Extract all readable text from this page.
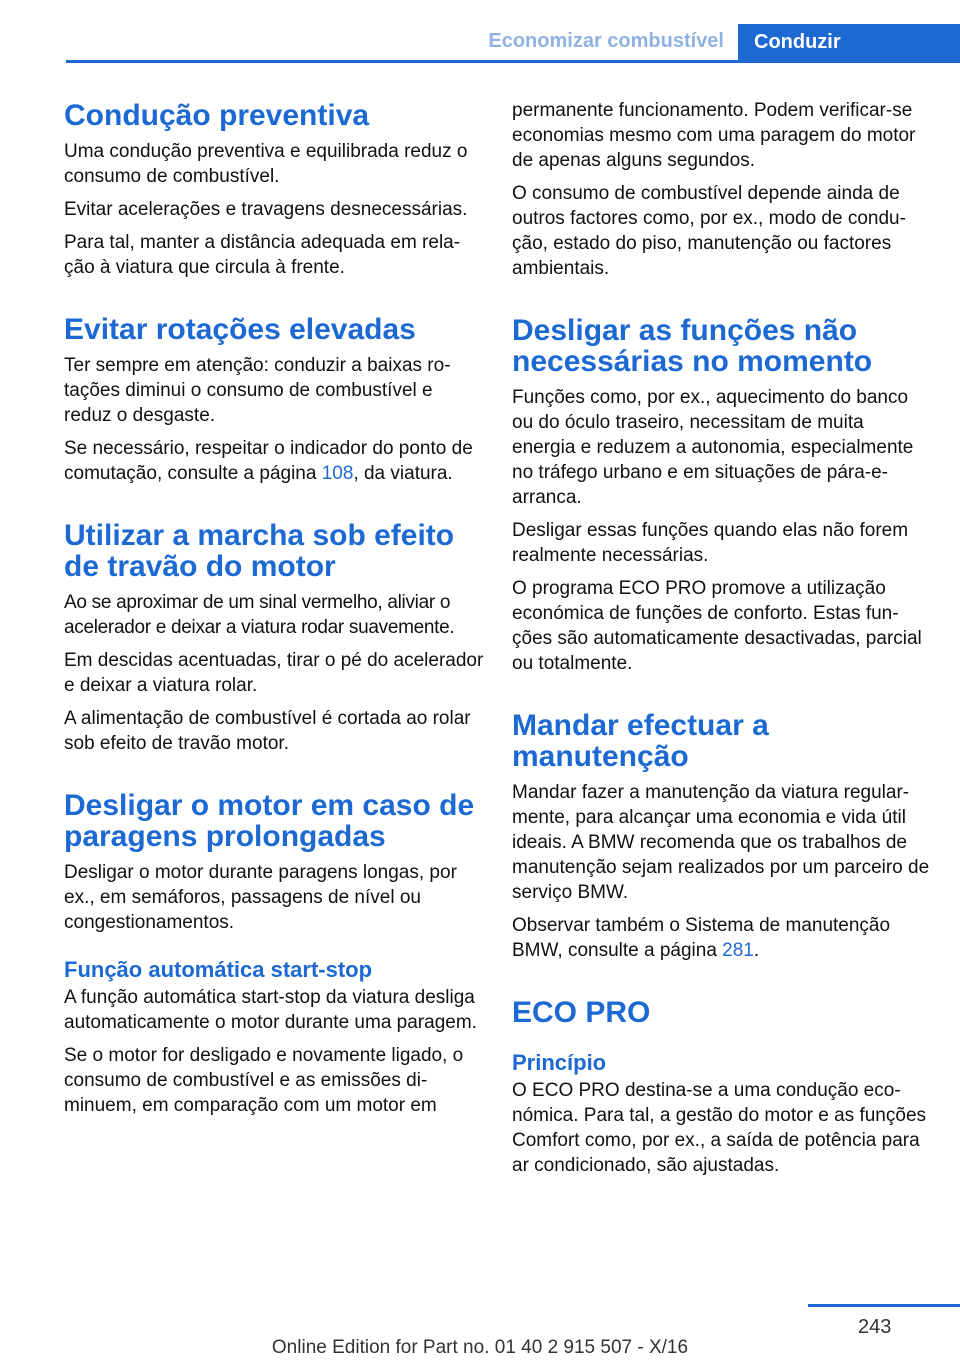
Economizar combustível Conduzir
Condução preventiva

Uma condução preventiva e equilibrada reduz o consumo de combustível.

Evitar acelerações e travagens desnecessárias.

Para tal, manter a distância adequada em relação à viatura que circula à frente.

Evitar rotações elevadas

Ter sempre em atenção: conduzir a baixas rotações diminui o consumo de combustível e reduz o desgaste.

Se necessário, respeitar o indicador do ponto de comutação, consulte a página 108, da viatura.

Utilizar a marcha sob efeito de travão do motor

Ao se aproximar de um sinal vermelho, aliviar o acelerador e deixar a viatura rodar suavemente.

Em descidas acentuadas, tirar o pé do acelerador e deixar a viatura rolar.

A alimentação de combustível é cortada ao rolar sob efeito de travão motor.

Desligar o motor em caso de paragens prolongadas

Desligar o motor durante paragens longas, por ex., em semáforos, passagens de nível ou congestionamentos.

Função automática start-stop

A função automática start-stop da viatura desliga automaticamente o motor durante uma paragem.

Se o motor for desligado e novamente ligado, o consumo de combustível e as emissões diminuem, em comparação com um motor em

permanente funcionamento. Podem verificar-se economias mesmo com uma paragem do motor de apenas alguns segundos.

O consumo de combustível depende ainda de outros factores como, por ex., modo de condução, estado do piso, manutenção ou factores ambientais.

Desligar as funções não necessárias no momento

Funções como, por ex., aquecimento do banco ou do óculo traseiro, necessitam de muita energia e reduzem a autonomia, especialmente no tráfego urbano e em situações de pára-e-arranca.

Desligar essas funções quando elas não forem realmente necessárias.

O programa ECO PRO promove a utilização económica de funções de conforto. Estas funções são automaticamente desactivadas, parcial ou totalmente.

Mandar efectuar a manutenção

Mandar fazer a manutenção da viatura regularmente, para alcançar uma economia e vida útil ideais. A BMW recomenda que os trabalhos de manutenção sejam realizados por um parceiro de serviço BMW.

Observar também o Sistema de manutenção BMW, consulte a página 281.

ECO PRO
Princípio

O ECO PRO destina-se a uma condução económica. Para tal, a gestão do motor e as funções Comfort como, por ex., a saída de potência para ar condicionado, são ajustadas.

243
Online Edition for Part no. 01 40 2 915 507 - X/16
